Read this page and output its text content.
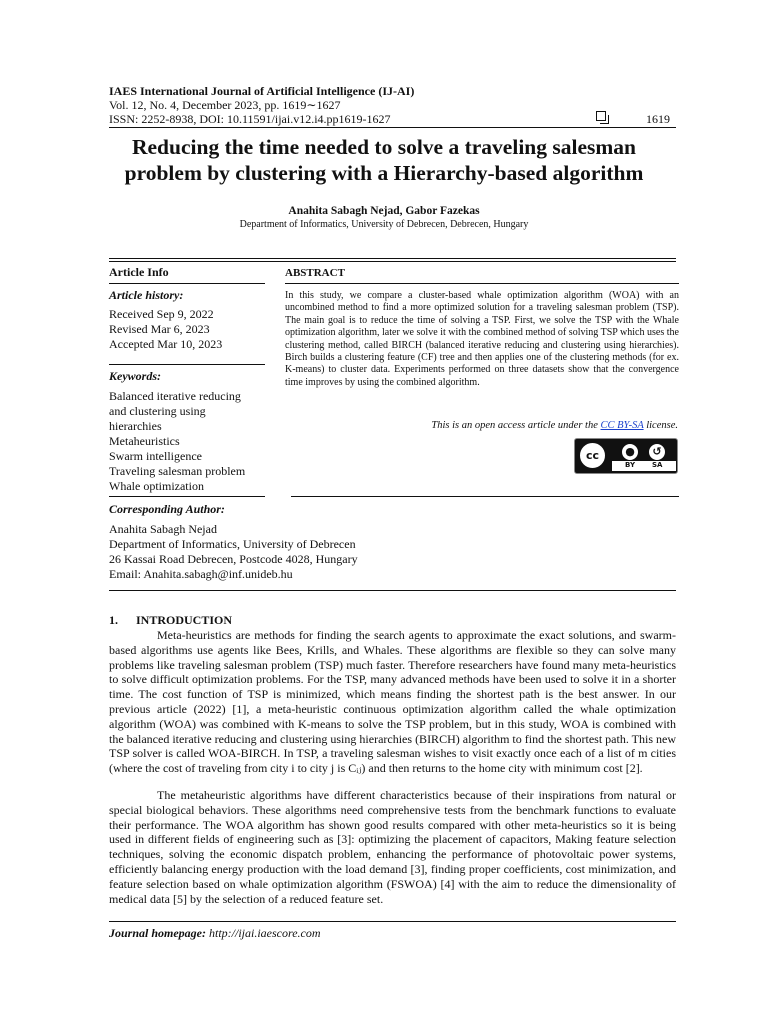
IAES International Journal of Artificial Intelligence (IJ-AI)
Vol. 12, No. 4, December 2023, pp. 1619∼1627
ISSN: 2252-8938, DOI: 10.11591/ijai.v12.i4.pp1619-1627	1619
Reducing the time needed to solve a traveling salesman
problem by clustering with a Hierarchy-based algorithm
Anahita Sabagh Nejad, Gabor Fazekas
Department of Informatics, University of Debrecen, Debrecen, Hungary
Article Info
Article history:
Received Sep 9, 2022
Revised Mar 6, 2023
Accepted Mar 10, 2023
Keywords:
Balanced iterative reducing
and clustering using
hierarchies
Metaheuristics
Swarm intelligence
Traveling salesman problem
Whale optimization
ABSTRACT
In this study, we compare a cluster-based whale optimization algorithm (WOA) with an uncombined method to find a more optimized solution for a traveling salesman problem (TSP). The main goal is to reduce the time of solving a TSP. First, we solve the TSP with the Whale optimization algorithm, later we solve it with the combined method of solving TSP which uses the clustering method, called BIRCH (balanced iterative reducing and clustering using hierarchies). Birch builds a clustering feature (CF) tree and then applies one of the clustering methods (for ex. K-means) to cluster data. Experiments performed on three datasets show that the convergence time improves by using the combined algorithm.
This is an open access article under the CC BY-SA license.
cc	●	↺
BY SA
Corresponding Author:
Anahita Sabagh Nejad
Department of Informatics, University of Debrecen
26 Kassai Road Debrecen, Postcode 4028, Hungary
Email: Anahita.sabagh@inf.unideb.hu
1. INTRODUCTION
Meta-heuristics are methods for finding the search agents to approximate the exact solutions, and swarm-based algorithms use agents like Bees, Krills, and Whales. These algorithms are flexible so they can solve many problems like traveling salesman problem (TSP) much faster. Therefore researchers have found many meta-heuristics to solve difficult optimization problems. For the TSP, many advanced methods have been used to solve it in a shorter time. The cost function of TSP is minimized, which means finding the shortest path is the best answer. In our previous article (2022) [1], a meta-heuristic continuous optimization algorithm called the whale optimization algorithm (WOA) was combined with K-means to solve the TSP problem, but in this study, WOA is combined with the balanced iterative reducing and clustering using hierarchies (BIRCH) algorithm to find the shortest path. This new TSP solver is called WOA-BIRCH. In TSP, a traveling salesman wishes to visit exactly once each of a list of m cities (where the cost of traveling from city i to city j is Cᵢⱼ) and then returns to the home city with minimum cost [2].
The metaheuristic algorithms have different characteristics because of their inspirations from natural or special biological behaviors. These algorithms need comprehensive tests from the benchmark functions to evaluate their performance. The WOA algorithm has shown good results compared with other meta-heuristics so it is being used in different fields of engineering such as [3]: optimizing the placement of capacitors, Making feature selection techniques, solving the economic dispatch problem, enhancing the performance of photovoltaic power systems, efficiently balancing energy production with the load demand [3], finding proper coefficients, cost minimization, and feature selection based on whale optimization algorithm (FSWOA) [4] with the aim to reduce the dimensionality of medical data [5] by the selection of a reduced feature set.
Journal homepage: http://ijai.iaescore.com
